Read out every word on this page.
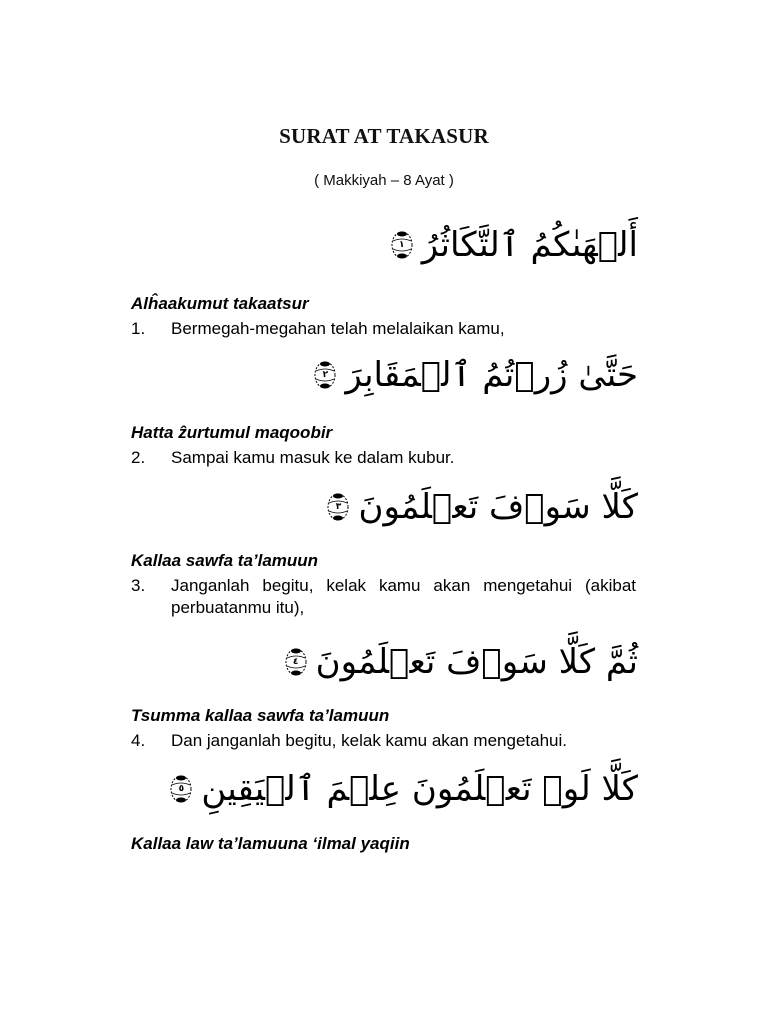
SURAT AT TAKASUR
( Makkiyah – 8 Ayat )
أَلۡهَىٰكُمُ ٱلتَّكَاثُرُ
١
Alĥaakumut takaatsur
1. Bermegah-megahan telah melalaikan kamu,
حَتَّىٰ زُرۡتُمُ ٱلۡمَقَابِرَ
٢
Hatta ẑurtumul maqoobir
2. Sampai kamu masuk ke dalam kubur.
كَلَّا سَوۡفَ تَعۡلَمُونَ
٣
Kallaa sawfa ta’lamuun
3. Janganlah begitu, kelak kamu akan mengetahui (akibat perbuatanmu itu),
ثُمَّ كَلَّا سَوۡفَ تَعۡلَمُونَ
٤
Tsumma kallaa sawfa ta’lamuun
4. Dan janganlah begitu, kelak kamu akan mengetahui.
كَلَّا لَوۡ تَعۡلَمُونَ عِلۡمَ ٱلۡيَقِينِ
٥
Kallaa law ta’lamuuna ‘ilmal yaqiin
